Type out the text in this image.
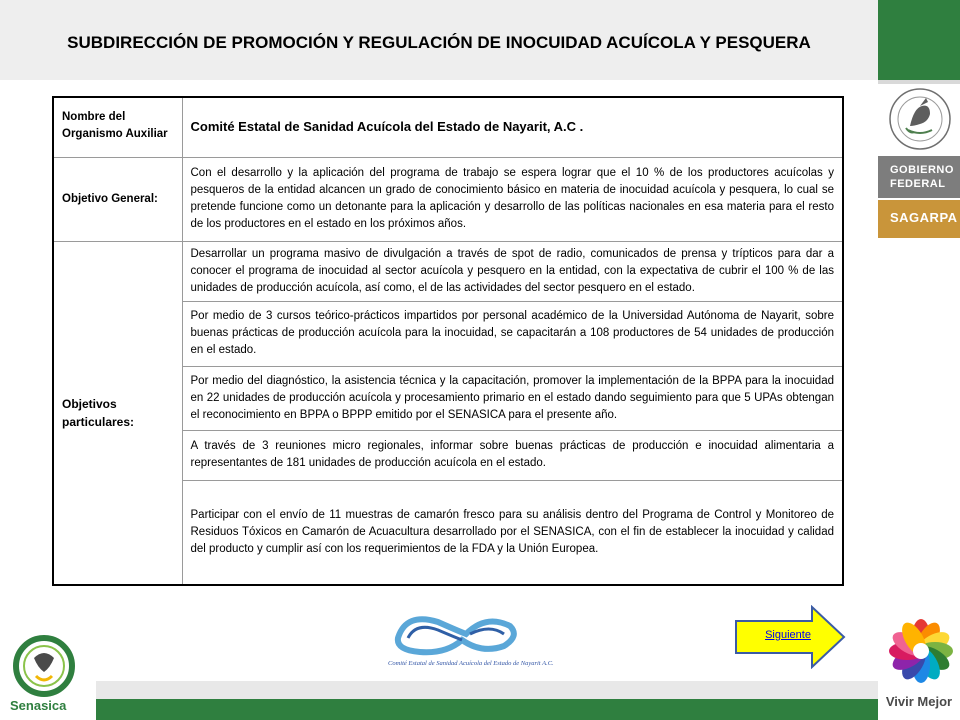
SUBDIRECCIÓN DE PROMOCIÓN Y REGULACIÓN DE INOCUIDAD ACUÍCOLA Y PESQUERA
GOBIERNO
FEDERAL
SAGARPA
Vivir Mejor
Nombre del Organismo Auxiliar	Comité Estatal de Sanidad Acuícola del Estado de Nayarit, A.C .
Objetivo General:	Con el desarrollo y la aplicación del programa de trabajo se espera lograr que el 10 % de los productores acuícolas y pesqueros de la entidad alcancen un grado de conocimiento básico en materia de inocuidad acuícola y pesquera, lo cual se pretende funcione como un detonante para la aplicación y desarrollo de las políticas nacionales en esa materia para el resto de los productores en el estado en los próximos años.
Objetivos particulares:	Desarrollar un programa masivo de divulgación a través de spot de radio, comunicados de prensa y trípticos para dar a conocer el programa de inocuidad al sector acuícola y pesquero en la entidad, con la expectativa de cubrir el 100 % de las unidades de producción acuícola, así como, el de las actividades del sector pesquero en el estado.
	Por medio de 3 cursos teórico-prácticos impartidos por personal académico de la Universidad Autónoma de Nayarit, sobre buenas prácticas de producción acuícola para la inocuidad, se capacitarán a 108 productores de 54 unidades de producción en el estado.
	Por medio del diagnóstico, la asistencia técnica y la capacitación, promover la implementación de la BPPA para la inocuidad en 22 unidades de producción acuícola y procesamiento primario en el estado dando seguimiento para que 5 UPAs obtengan el reconocimiento en BPPA o BPPP emitido por el SENASICA para el presente año.
	A través de 3 reuniones micro regionales, informar sobre buenas prácticas de producción e inocuidad alimentaria a representantes de 181 unidades de producción acuícola en el estado.
	Participar con el envío de 11 muestras de camarón fresco para su análisis dentro del Programa de Control y Monitoreo de Residuos Tóxicos en Camarón de Acuacultura desarrollado por el SENASICA, con el fin de establecer la inocuidad y calidad del producto y cumplir así con los requerimientos de la FDA y la Unión Europea.
Senasica
Comité Estatal de Sanidad Acuícola del Estado de Nayarit A.C.
Siguiente
